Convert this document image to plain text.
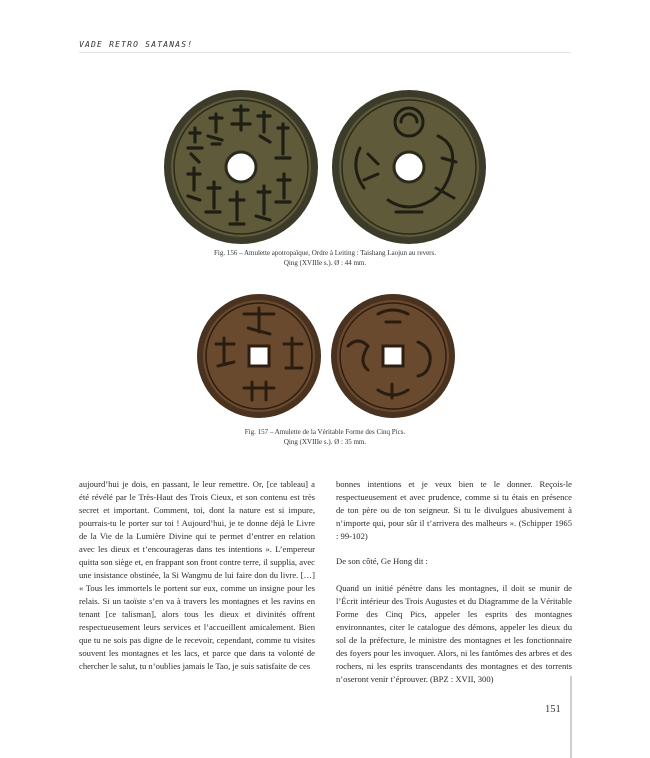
VADE RETRO SATANAS!
Fig. 156 – Amulette apotropaïque, Ordre à Leiting : Taishang Laojun au revers.
Qing (XVIIIe s.). Ø : 44 mm.
Fig. 157 – Amulette de la Véritable Forme des Cinq Pics.
Qing (XVIIIe s.). Ø : 35 mm.

aujourd’hui je dois, en passant, le leur remettre. Or, [ce tableau] a été révélé par le Très-Haut des Trois Cieux, et son contenu est très secret et important. Comment, toi, dont la nature est si impure, pourrais-tu le porter sur toi ! Aujourd’hui, je te donne déjà le Livre de la Vie de la Lumière Divine qui te permet d’entrer en relation avec les dieux et t’encourageras dans tes intentions ». L’empereur quitta son siège et, en frappant son front contre terre, il supplia, avec une insistance obstinée, la Si Wangmu de lui faire don du livre. […] « Tous les immortels le portent sur eux, comme un insigne pour les relais. Si un taoïste s’en va à travers les montagnes et les ravins en tenant [ce talisman], alors tous les dieux et divinités offrent respectueusement leurs services et l’accueillent amicalement. Bien que tu ne sois pas digne de le recevoir, cependant, comme tu visites souvent les montagnes et les lacs, et parce que dans ta volonté de chercher le salut, tu n’oublies jamais le Tao, je suis satisfaite de ces

bonnes intentions et je veux bien te le donner. Reçois-le respectueusement et avec prudence, comme si tu étais en présence de ton père ou de ton seigneur. Si tu le divulgues abusivement à n’importe qui, pour sûr il t’arrivera des malheurs ». (Schipper 1965 : 99-102)

De son côté, Ge Hong dit :

Quand un initié pénètre dans les montagnes, il doit se munir de l’Écrit intérieur des Trois Augustes et du Diagramme de la Véritable Forme des Cinq Pics, appeler les esprits des montagnes environnantes, citer le catalogue des démons, appeler les dieux du sol de la préfecture, le ministre des montagnes et les fonctionnaire des foyers pour les invoquer. Alors, ni les fantômes des arbres et des rochers, ni les esprits transcendants des montagnes et des torrents n’oseront venir t’éprouver. (BPZ : XVII, 300)

151
